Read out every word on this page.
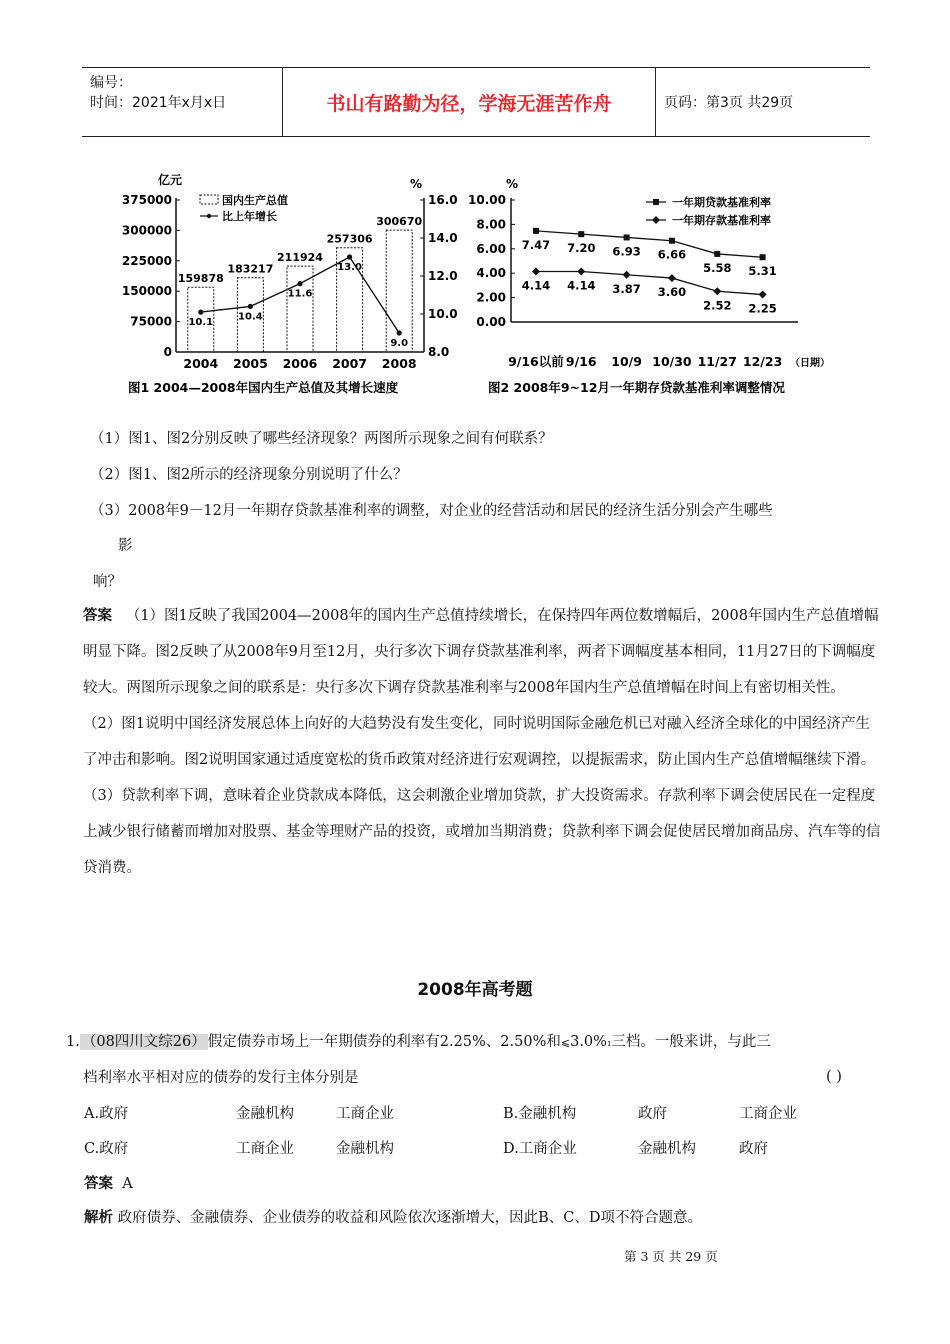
编号：
时间：2021年x月x日	书山有路勤为径，学海无涯苦作舟	页码：第3页 共29页
亿元	%
国内生产总值
比上年增长
375000
300000
225000
150000
75000
0
16.0
14.0
12.0
10.0
8.0
159878
183217
211924
257306
300670
10.1
10.4
11.6
13.0
9.0
2004 2005 2006 2007 2008
图1 2004—2008年国内生产总值及其增长速度
%
一年期贷款基准利率
一年期存款基准利率
10.00
8.00
6.00
4.00
2.00
0.00
7.47 7.20 6.93 6.66
5.58 5.31
4.14 4.14 3.87 3.60
2.52 2.25
9/16以前 9/16 10/9 10/30 11/27 12/23 （日期）
图2 2008年9~12月一年期存贷款基准利率调整情况
（1）图1、图2分别反映了哪些经济现象？两图所示现象之间有何联系？
（2）图1、图2所示的经济现象分别说明了什么？
（3）2008年9－12月一年期存贷款基准利率的调整，对企业的经营活动和居民的经济生活分别会产生哪些
影
响？
答案 （1）图1反映了我国2004—2008年的国内生产总值持续增长，在保持四年两位数增幅后，2008年国内生产总值增幅明显下降。图2反映了从2008年9月至12月，央行多次下调存贷款基准利率，两者下调幅度基本相同，11月27日的下调幅度较大。两图所示现象之间的联系是：央行多次下调存贷款基准利率与2008年国内生产总值增幅在时间上有密切相关性。
（2）图1说明中国经济发展总体上向好的大趋势没有发生变化，同时说明国际金融危机已对融入经济全球化的中国经济产生了冲击和影响。图2说明国家通过适度宽松的货币政策对经济进行宏观调控，以提振需求，防止国内生产总值增幅继续下滑。
（3）贷款利率下调，意味着企业贷款成本降低，这会刺激企业增加贷款，扩大投资需求。存款利率下调会使居民在一定程度上减少银行储蓄而增加对股票、基金等理财产品的投资，或增加当期消费；贷款利率下调会促使居民增加商品房、汽车等的信贷消费。
2008年高考题
1. （08四川文综26） 假定债券市场上一年期债券的利率有2.25%、2.50%和⩽3.0%₁三档。一般来讲，与此三
档利率水平相对应的债券的发行主体分别是	( )
A.政府	金融机构	工商企业	B.金融机构	政府	工商企业
C.政府	工商企业	金融机构	D.工商企业	金融机构	政府
答案 A
解析 政府债券、金融债券、企业债券的收益和风险依次逐渐增大，因此B、C、D项不符合题意。
第 3 页 共 29 页
